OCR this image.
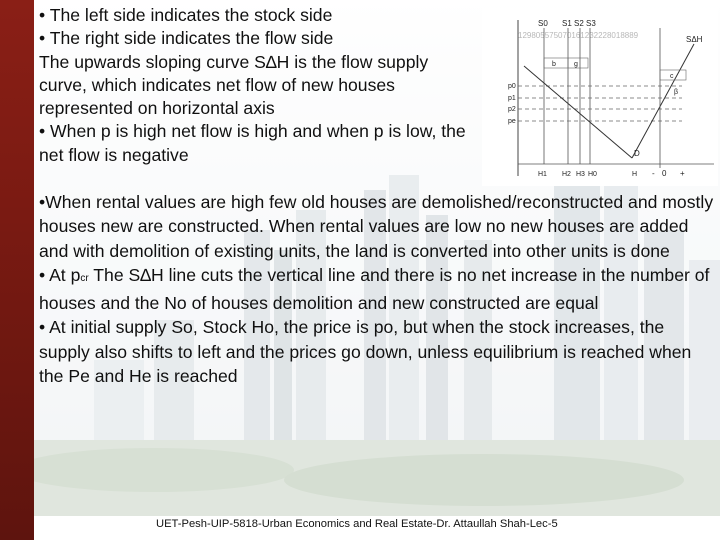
• The left side indicates the stock side

• The right side indicates the flow side

The upwards sloping curve S∆H is the flow supply curve, which indicates net flow of new houses represented on horizontal axis

• When p is high net flow is high and when p is low, the net flow is negative

129805575070161232228018889
S0 S1 S2 S3
SΔH
p0
p1
p2
pe
H1 H2 H3 H0	H
D
b	g
c
β
- 0 +

•When rental values are high few old houses are demolished/reconstructed and mostly houses new are constructed. When rental values are low no new houses are added and with demolition of existing units, the land is converted into other units is done

• At pcr The S∆H line cuts the vertical line and there is no net increase in the number of houses and the No of houses demolition and new constructed are equal

• At initial supply So, Stock Ho, the price is po, but when the stock increases, the supply also shifts to left and the prices go down, unless equilibrium is reached when the Pe and He is reached

UET-Pesh-UIP-5818-Urban Economics and Real Estate-Dr. Attaullah Shah-Lec-5
